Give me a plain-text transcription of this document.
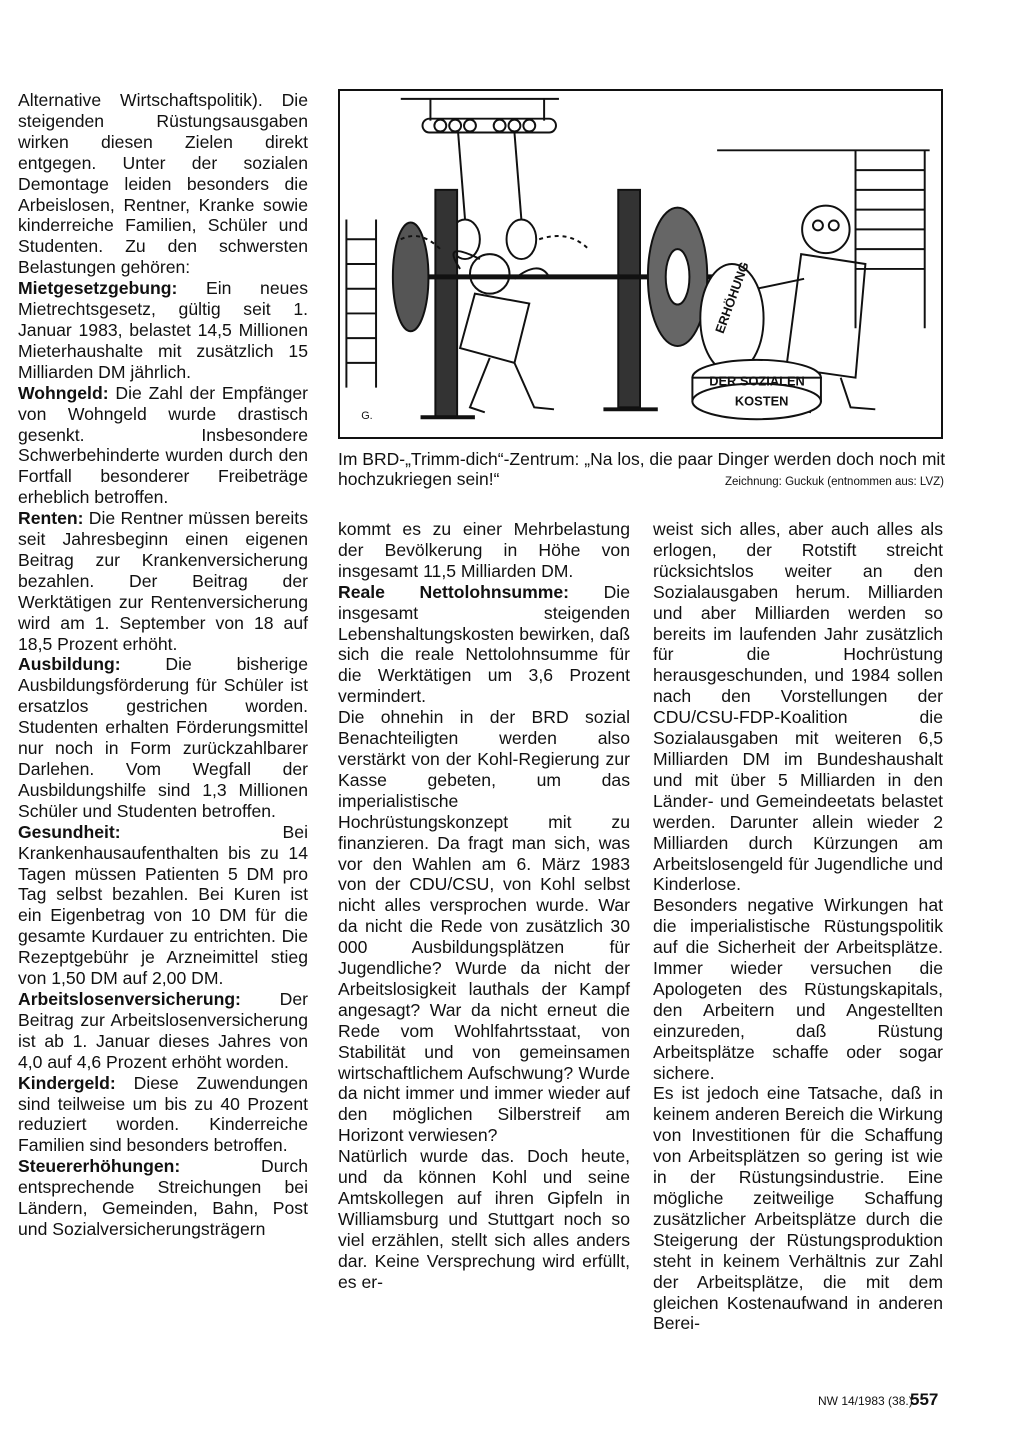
Alternative Wirtschaftspolitik). Die steigenden Rüstungsausgaben wirken diesen Zielen direkt entgegen. Unter der sozialen Demontage leiden besonders die Arbeislosen, Rentner, Kranke sowie kinderreiche Familien, Schüler und Studenten. Zu den schwersten Belastungen gehören:

Mietgesetzgebung: Ein neues Mietrechtsgesetz, gültig seit 1. Januar 1983, belastet 14,5 Millionen Mieterhaushalte mit zusätzlich 15 Milliarden DM jährlich.

Wohngeld: Die Zahl der Empfänger von Wohngeld wurde drastisch gesenkt. Insbesondere Schwerbehinderte wurden durch den Fortfall besonderer Freibeträge erheblich betroffen.

Renten: Die Rentner müssen bereits seit Jahresbeginn einen eigenen Beitrag zur Krankenversicherung bezahlen. Der Beitrag der Werktätigen zur Rentenversicherung wird am 1. September von 18 auf 18,5 Prozent erhöht.

Ausbildung: Die bisherige Ausbildungsförderung für Schüler ist ersatzlos gestrichen worden. Studenten erhalten Förderungsmittel nur noch in Form zurückzahlbarer Darlehen. Vom Wegfall der Ausbildungshilfe sind 1,3 Millionen Schüler und Studenten betroffen.

Gesundheit: Bei Krankenhausaufenthalten bis zu 14 Tagen müssen Patienten 5 DM pro Tag selbst bezahlen. Bei Kuren ist ein Eigenbetrag von 10 DM für die gesamte Kurdauer zu entrichten. Die Rezeptgebühr je Arzneimittel stieg von 1,50 DM auf 2,00 DM.

Arbeitslosenversicherung: Der Beitrag zur Arbeitslosenversicherung ist ab 1. Januar dieses Jahres von 4,0 auf 4,6 Prozent erhöht worden.

Kindergeld: Diese Zuwendungen sind teilweise um bis zu 40 Prozent reduziert worden. Kinderreiche Familien sind besonders betroffen.

Steuererhöhungen: Durch entsprechende Streichungen bei Ländern, Gemeinden, Bahn, Post und Sozialversicherungsträgern

ERHÖHUNG
DER SOZIALEN
KOSTEN
G.
Im BRD-„Trimm-dich“-Zentrum: „Na los, die paar Dinger werden doch noch mit hochzukriegen sein!“	Zeichnung: Guckuk (entnommen aus: LVZ)

kommt es zu einer Mehrbelastung der Bevölkerung in Höhe von insgesamt 11,5 Milliarden DM.

Reale Nettolohnsumme: Die insgesamt steigenden Lebenshaltungskosten bewirken, daß sich die reale Nettolohnsumme für die Werktätigen um 3,6 Prozent vermindert.

Die ohnehin in der BRD sozial Benachteiligten werden also verstärkt von der Kohl-Regierung zur Kasse gebeten, um das imperialistische Hochrüstungskonzept mit zu finanzieren. Da fragt man sich, was vor den Wahlen am 6. März 1983 von der CDU/CSU, von Kohl selbst nicht alles versprochen wurde. War da nicht die Rede von zusätzlich 30 000 Ausbildungsplätzen für Jugendliche? Wurde da nicht der Arbeitslosigkeit lauthals der Kampf angesagt? War da nicht erneut die Rede vom Wohlfahrtsstaat, von Stabilität und von gemeinsamen wirtschaftlichem Aufschwung? Wurde da nicht immer und immer wieder auf den möglichen Silberstreif am Horizont verwiesen?

Natürlich wurde das. Doch heute, und da können Kohl und seine Amtskollegen auf ihren Gipfeln in Williamsburg und Stuttgart noch so viel erzählen, stellt sich alles anders dar. Keine Versprechung wird erfüllt, es er-

weist sich alles, aber auch alles als erlogen, der Rotstift streicht rücksichtslos weiter an den Sozialausgaben herum. Milliarden und aber Milliarden werden so bereits im laufenden Jahr zusätzlich für die Hochrüstung herausgeschunden, und 1984 sollen nach den Vorstellungen der CDU/CSU-FDP-Koalition die Sozialausgaben mit weiteren 6,5 Milliarden DM im Bundeshaushalt und mit über 5 Milliarden in den Länder- und Gemeindeetats belastet werden. Darunter allein wieder 2 Milliarden durch Kürzungen am Arbeitslosengeld für Jugendliche und Kinderlose.

Besonders negative Wirkungen hat die imperialistische Rüstungspolitik auf die Sicherheit der Arbeitsplätze. Immer wieder versuchen die Apologeten des Rüstungskapitals, den Arbeitern und Angestellten einzureden, daß Rüstung Arbeitsplätze schaffe oder sogar sichere.

Es ist jedoch eine Tatsache, daß in keinem anderen Bereich die Wirkung von Investitionen für die Schaffung von Arbeitsplätzen so gering ist wie in der Rüstungsindustrie. Eine mögliche zeitweilige Schaffung zusätzlicher Arbeitsplätze durch die Steigerung der Rüstungsproduktion steht in keinem Verhältnis zur Zahl der Arbeitsplätze, die mit dem gleichen Kostenaufwand in anderen Berei-

NW 14/1983 (38.)
557
